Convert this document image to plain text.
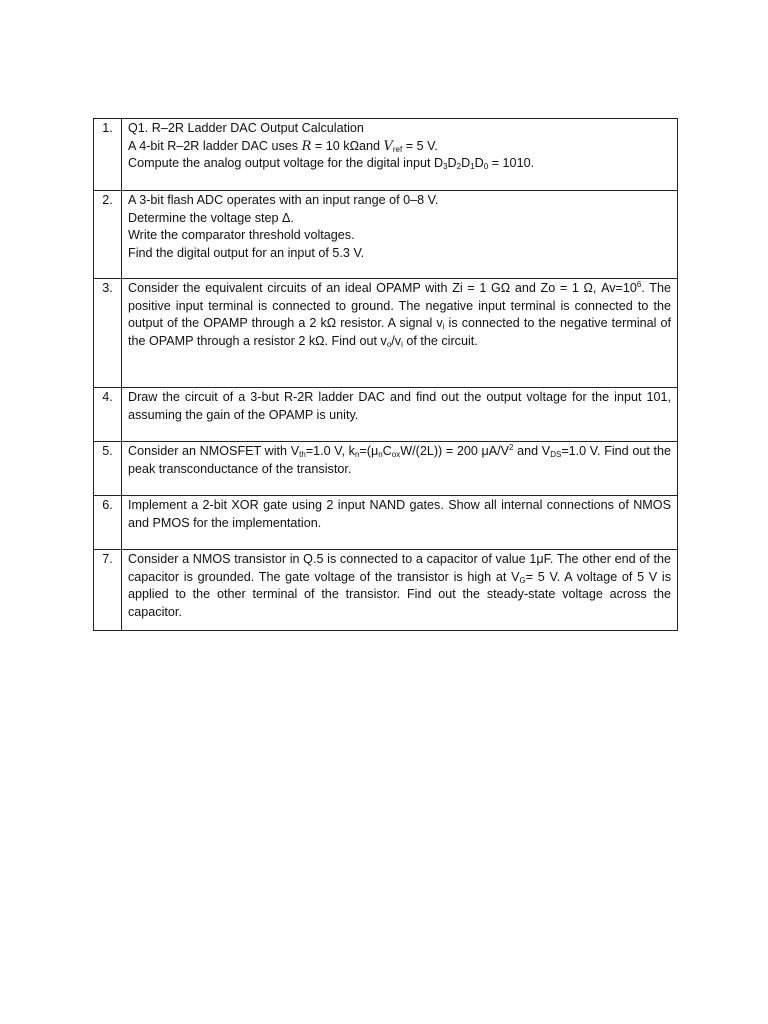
1.	Q1. R–2R Ladder DAC Output Calculation
A 4-bit R–2R ladder DAC uses R = 10 kΩand $V_{ref} = 5$ V.
Compute the analog output voltage for the digital input $D_3D_2D_1D_0 = 1010$.

2.	A 3-bit flash ADC operates with an input range of 0–8 V.
Determine the voltage step Δ.
Write the comparator threshold voltages.
Find the digital output for an input of 5.3 V.

3.	Consider the equivalent circuits of an ideal OPAMP with Zi = 1 GΩ and Zo = 1 Ω, $Av=10^6$. The positive input terminal is connected to ground. The negative input terminal is connected to the output of the OPAMP through a 2 kΩ resistor. A signal $v_i$ is connected to the negative terminal of the OPAMP through a resistor 2 kΩ. Find out $v_o/v_i$ of the circuit.
4.	Draw the circuit of a 3-but R-2R ladder DAC and find out the output voltage for the input 101, assuming the gain of the OPAMP is unity.
5.	Consider an NMOSFET with $V_{th}=1.0$ V, $k_n=(\mu_nC_{ox}W/(2L)) = 200$ $\mu A/V^2$ and $V_{DS}=1.0$ V. Find out the peak transconductance of the transistor.
6.	Implement a 2-bit XOR gate using 2 input NAND gates. Show all internal connections of NMOS and PMOS for the implementation.
7.	Consider a NMOS transistor in Q.5 is connected to a capacitor of value 1μF. The other end of the capacitor is grounded. The gate voltage of the transistor is high at $V_G= 5$ V. A voltage of 5 V is applied to the other terminal of the transistor. Find out the steady-state voltage across the capacitor.
